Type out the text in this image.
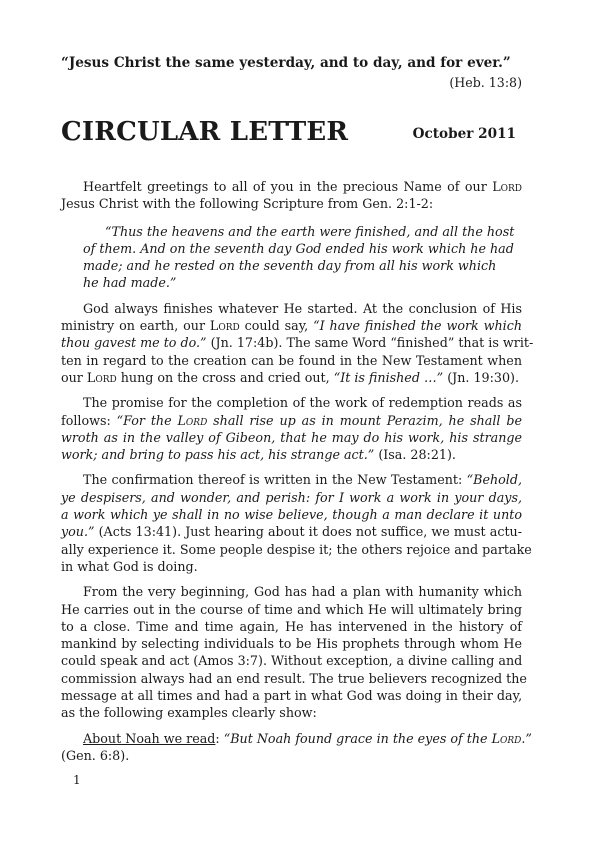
“Jesus Christ the same yesterday, and to day, and for ever.”
(Heb. 13:8)
CIRCULAR LETTER	October 2011
Heartfelt greetings to all of you in the precious Name of our Lord
Jesus Christ with the following Scripture from Gen. 2:1-2:
“Thus the heavens and the earth were finished, and all the host
of them. And on the seventh day God ended his work which he had
made; and he rested on the seventh day from all his work which
he had made.”
God always finishes whatever He started. At the conclusion of His
ministry on earth, our Lord could say, “I have finished the work which
thou gavest me to do.” (Jn. 17:4b). The same Word “finished” that is writ-
ten in regard to the creation can be found in the New Testament when
our Lord hung on the cross and cried out, “It is finished …” (Jn. 19:30).
The promise for the completion of the work of redemption reads as
follows: “For the Lord shall rise up as in mount Perazim, he shall be
wroth as in the valley of Gibeon, that he may do his work, his strange
work; and bring to pass his act, his strange act.” (Isa. 28:21).
The confirmation thereof is written in the New Testament: “Behold,
ye despisers, and wonder, and perish: for I work a work in your days,
a work which ye shall in no wise believe, though a man declare it unto
you.” (Acts 13:41). Just hearing about it does not suffice, we must actu-
ally experience it. Some people despise it; the others rejoice and partake
in what God is doing.
From the very beginning, God has had a plan with humanity which
He carries out in the course of time and which He will ultimately bring
to a close. Time and time again, He has intervened in the history of
mankind by selecting individuals to be His prophets through whom He
could speak and act (Amos 3:7). Without exception, a divine calling and
commission always had an end result. The true believers recognized the
message at all times and had a part in what God was doing in their day,
as the following examples clearly show:
About Noah we read: “But Noah found grace in the eyes of the Lord.”
(Gen. 6:8).
1
